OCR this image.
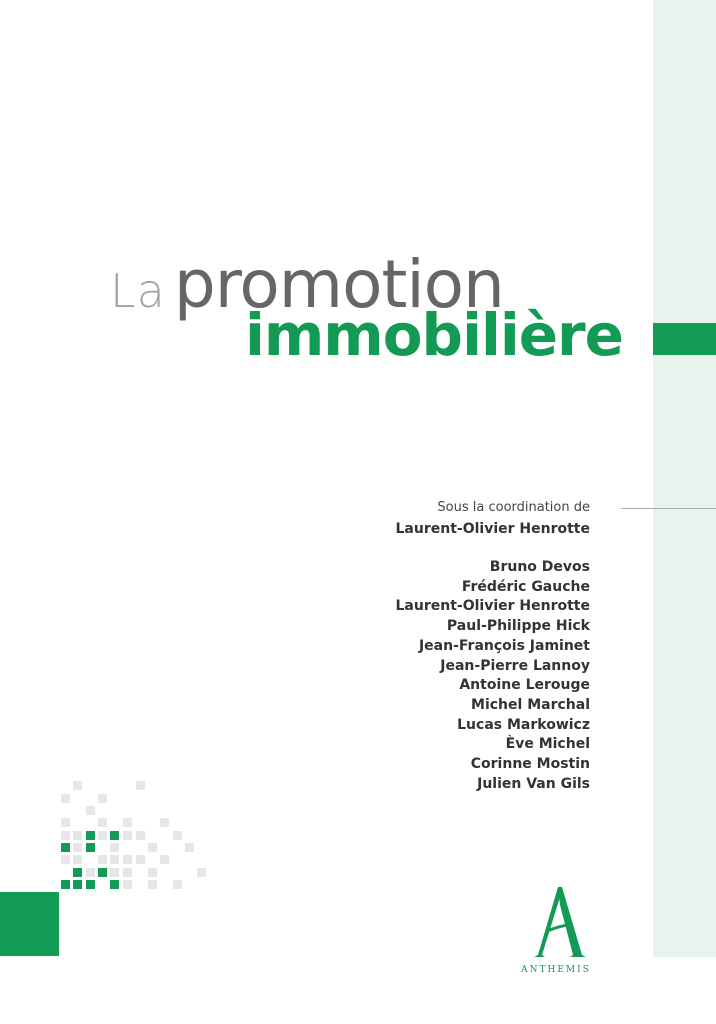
La promotion
immobilière
Sous la coordination de
Laurent-Olivier Henrotte
Bruno Devos
Frédéric Gauche
Laurent-Olivier Henrotte
Paul-Philippe Hick
Jean-François Jaminet
Jean-Pierre Lannoy
Antoine Lerouge
Michel Marchal
Lucas Markowicz
Ève Michel
Corinne Mostin
Julien Van Gils
ANTHEMIS
